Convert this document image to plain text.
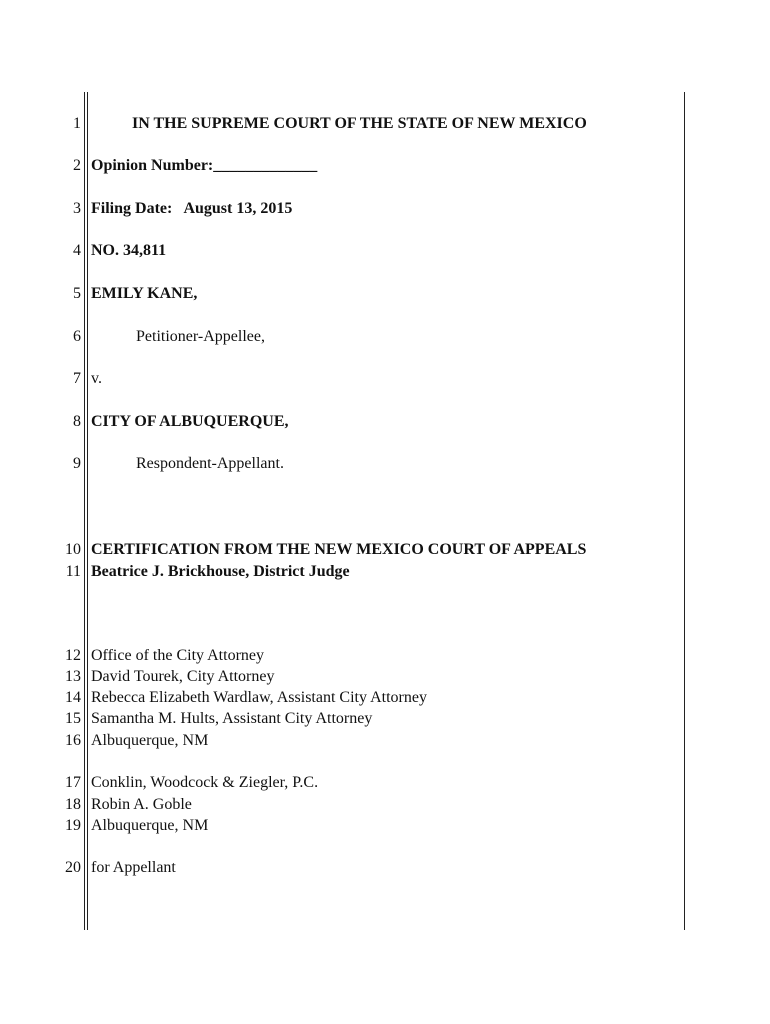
1
2
3
4
5
6
7
8
9
10
11
12
13
14
15
16
17
18
19
20
IN THE SUPREME COURT OF THE STATE OF NEW MEXICO
Opinion Number:_____________
Filing Date:   August 13, 2015
NO. 34,811
EMILY KANE,
Petitioner-Appellee,
v.
CITY OF ALBUQUERQUE,
Respondent-Appellant.
CERTIFICATION FROM THE NEW MEXICO COURT OF APPEALS
Beatrice J. Brickhouse, District Judge
Office of the City Attorney
David Tourek, City Attorney
Rebecca Elizabeth Wardlaw, Assistant City Attorney
Samantha M. Hults, Assistant City Attorney
Albuquerque, NM
Conklin, Woodcock & Ziegler, P.C.
Robin A. Goble
Albuquerque, NM
for Appellant
